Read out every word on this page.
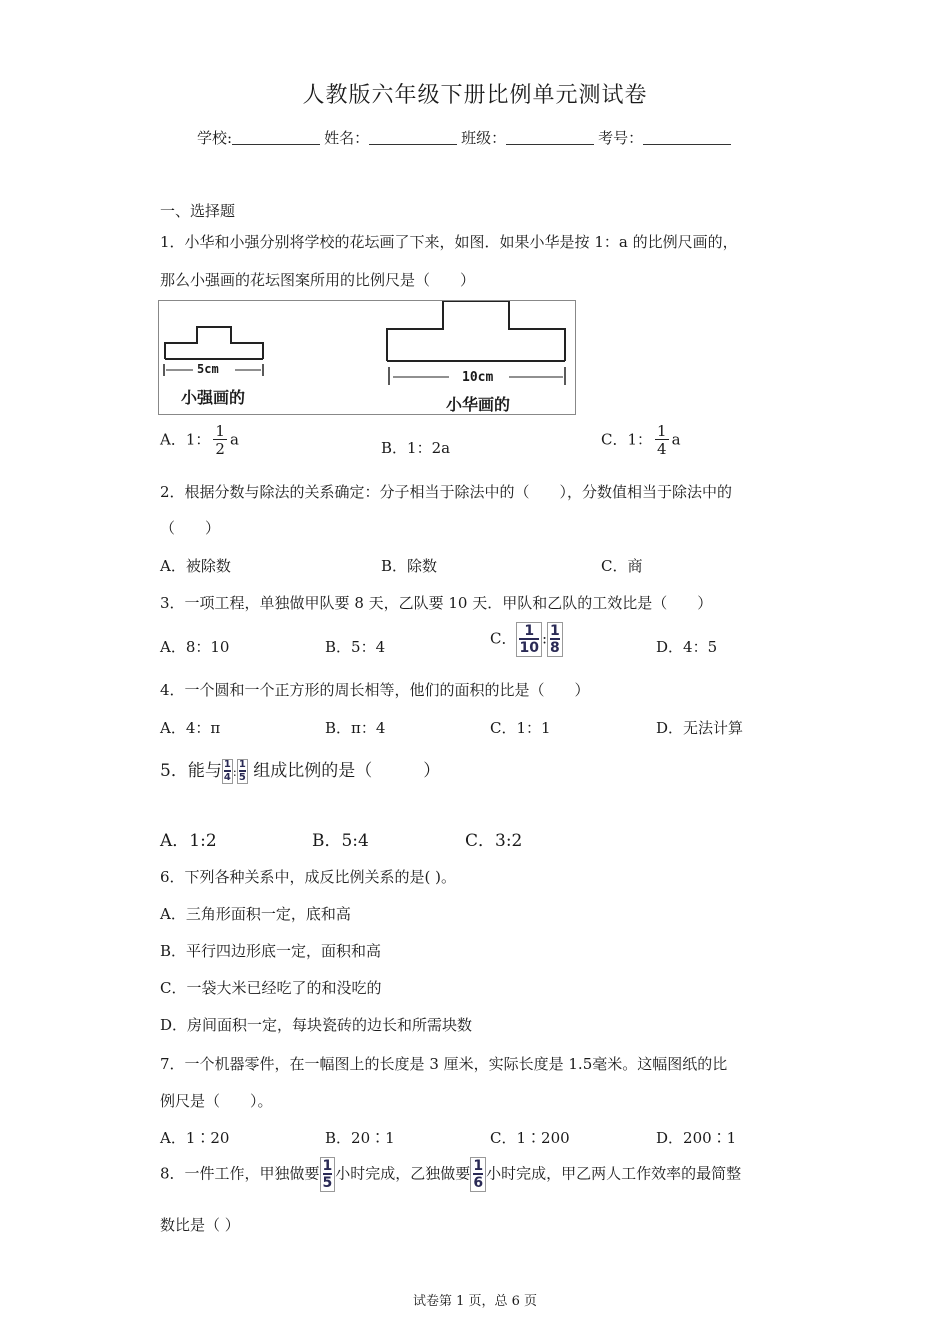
人教版六年级下册比例单元测试卷
学校:	姓名：	班级：	考号：
一、选择题
1．小华和小强分别将学校的花坛画了下来，如图．如果小华是按 1：a 的比例尺画的，
那么小强画的花坛图案所用的比例尺是（　　）
5cm
小强画的
10cm
小华画的
A．1： $\frac{1}{2}$ a	B．1：2a	C．1： $\frac{1}{4}$ a
2．根据分数与除法的关系确定：分子相当于除法中的（　　），分数值相当于除法中的
（　　）
A．被除数	B．除数	C．商
3．一项工程，单独做甲队要 8 天，乙队要 10 天．甲队和乙队的工效比是（　　）
A．8：10	B．5：4	C． $\frac{1}{10}$ : $\frac{1}{8}$	D．4：5
4．一个圆和一个正方形的周长相等，他们的面积的比是（　　）
A．4：π	B．π：4	C．1：1	D．无法计算
5．能与 $\frac{1}{4}$ : $\frac{1}{5}$ 组成比例的是（　　　）
A．1:2	B．5:4	C．3:2
6．下列各种关系中，成反比例关系的是( )。
A．三角形面积一定，底和高
B．平行四边形底一定，面积和高
C．一袋大米已经吃了的和没吃的
D．房间面积一定，每块瓷砖的边长和所需块数
7．一个机器零件，在一幅图上的长度是 3 厘米，实际长度是 1.5毫米。这幅图纸的比
例尺是（　　）。
A．1∶20	B．20∶1	C．1∶200	D．200∶1
8．一件工作，甲独做要 $\frac{1}{5}$ 小时完成，乙独做要 $\frac{1}{6}$ 小时完成，甲乙两人工作效率的最简整
数比是（ ）
试卷第 1 页，总 6 页
